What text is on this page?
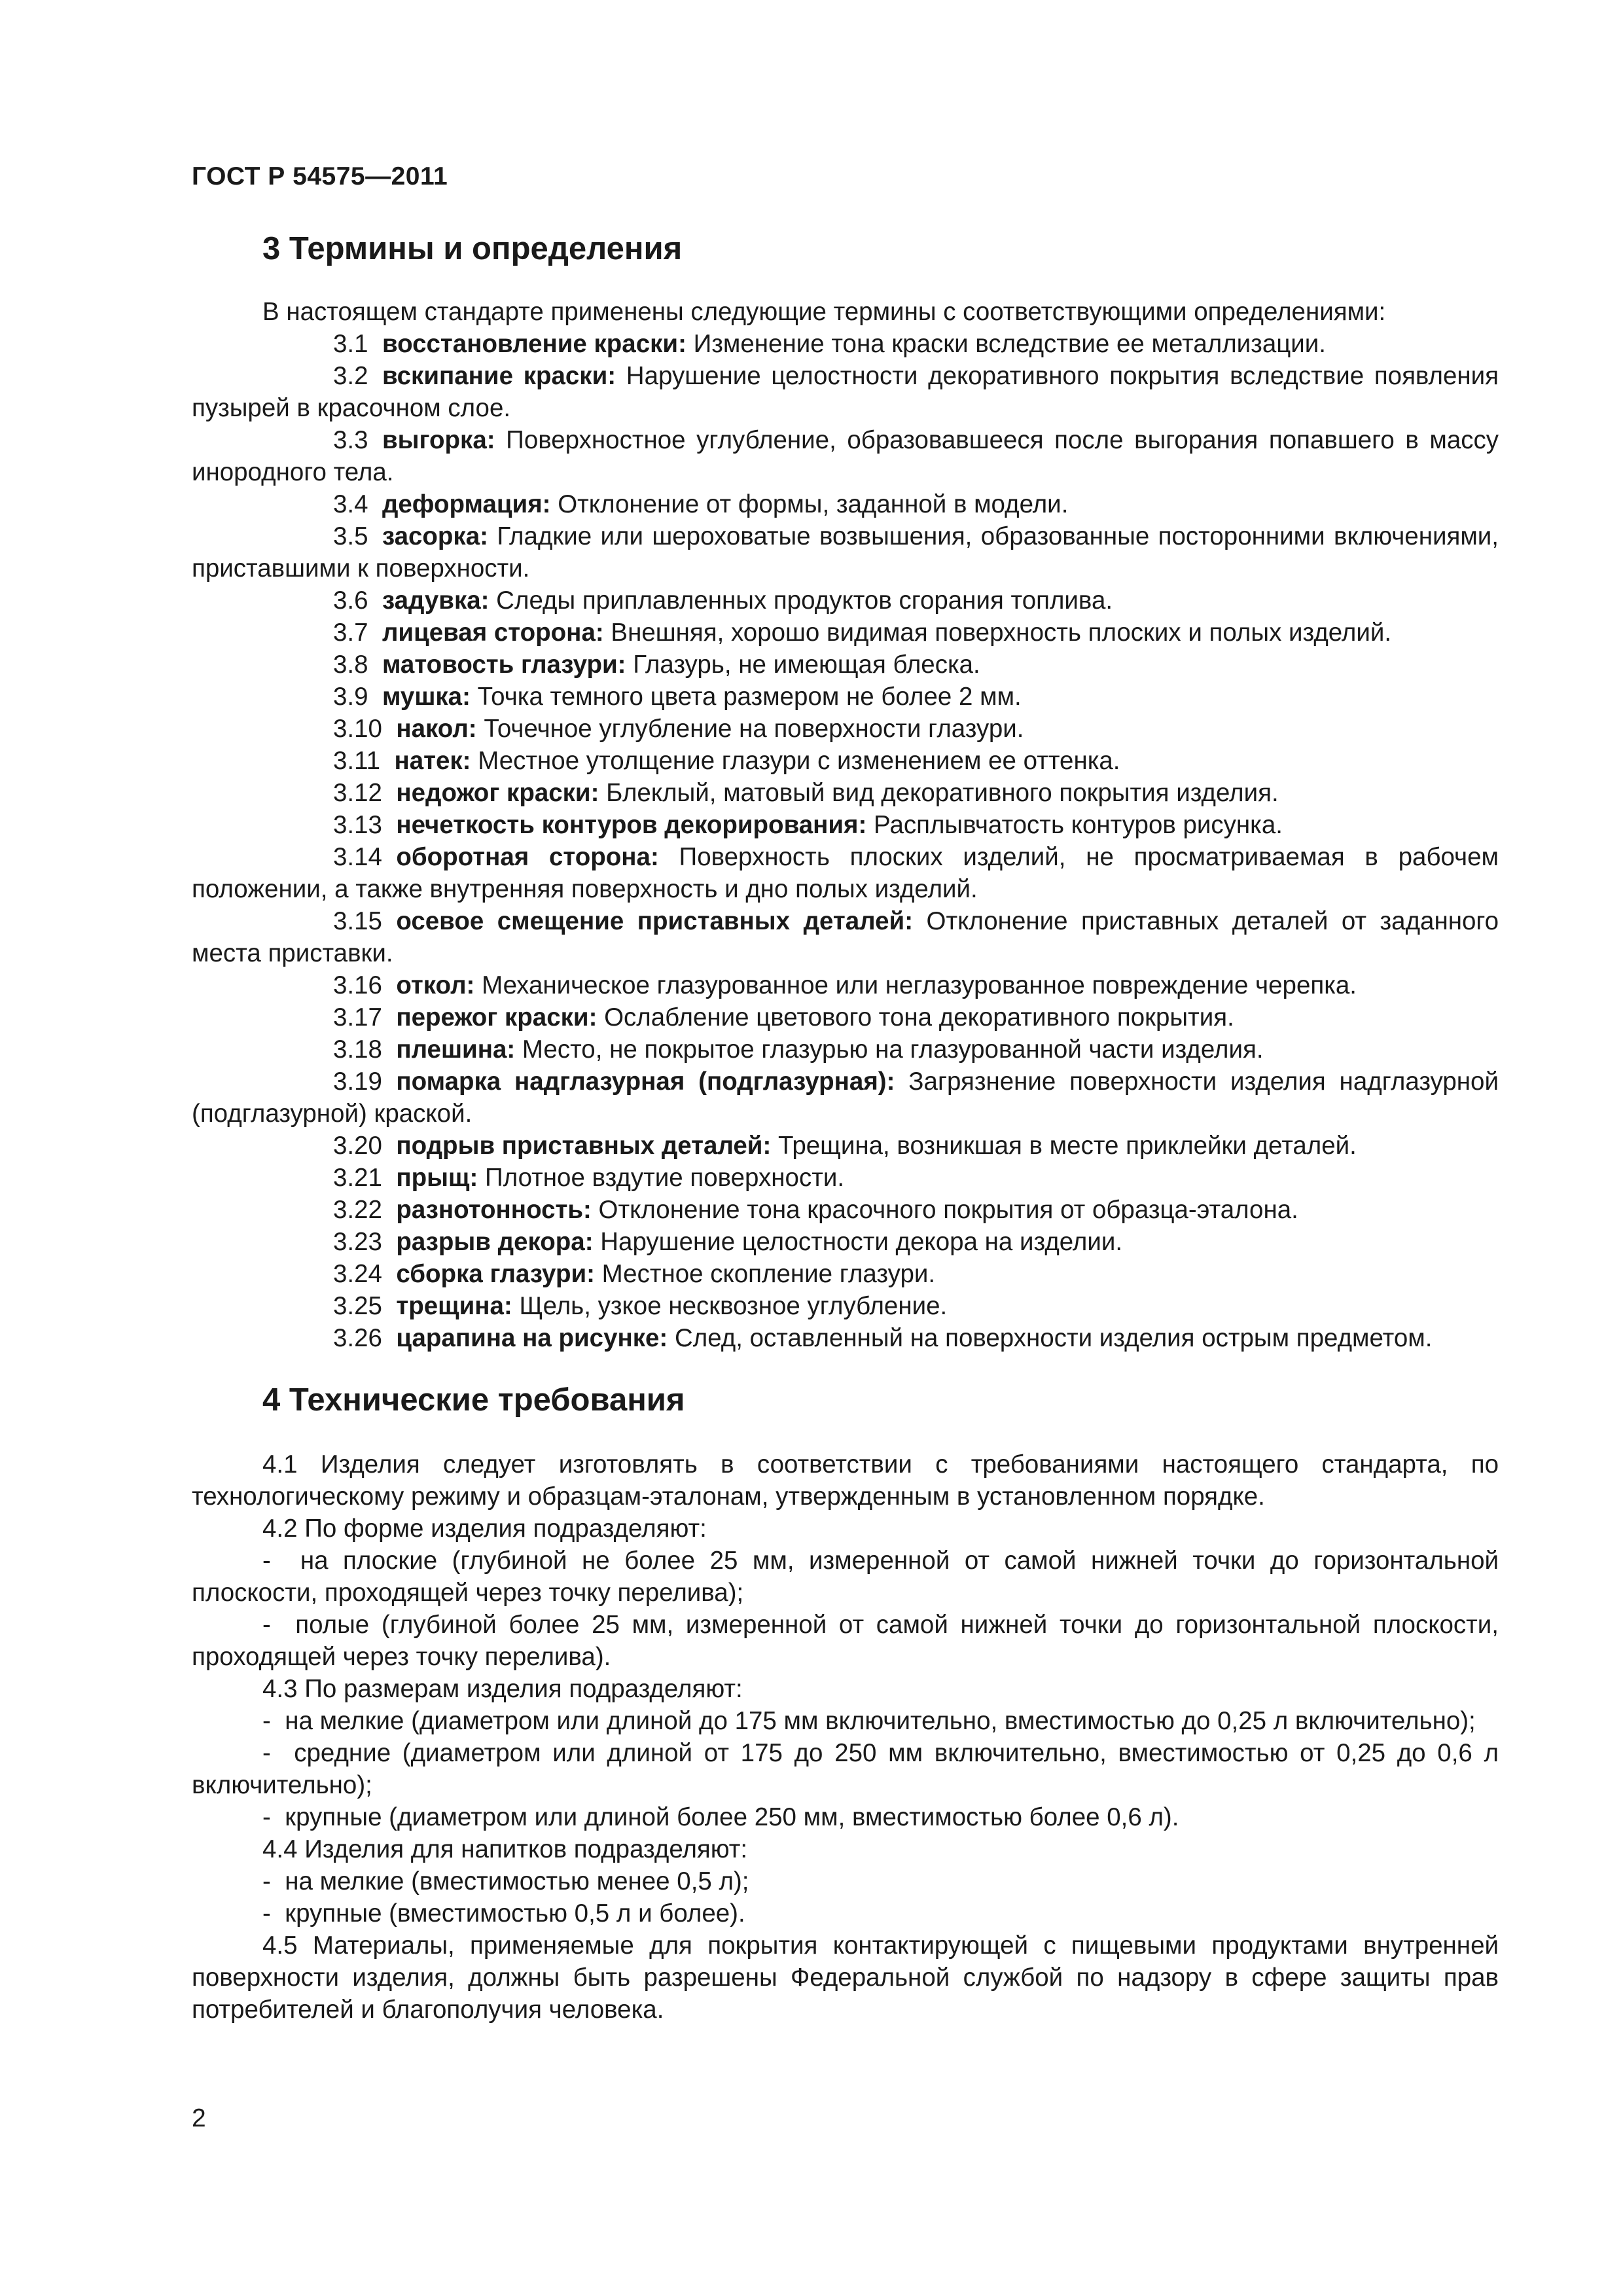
ГОСТ Р 54575—2011
3 Термины и определения

В настоящем стандарте применены следующие термины с соответствующими определениями:

3.1 восстановление краски: Изменение тона краски вследствие ее металлизации.

3.2 вскипание краски: Нарушение целостности декоративного покрытия вследствие появления пузырей в красочном слое.

3.3 выгорка: Поверхностное углубление, образовавшееся после выгорания попавшего в массу инородного тела.

3.4 деформация: Отклонение от формы, заданной в модели.

3.5 засорка: Гладкие или шероховатые возвышения, образованные посторонними включениями, приставшими к поверхности.

3.6 задувка: Следы приплавленных продуктов сгорания топлива.

3.7 лицевая сторона: Внешняя, хорошо видимая поверхность плоских и полых изделий.

3.8 матовость глазури: Глазурь, не имеющая блеска.

3.9 мушка: Точка темного цвета размером не более 2 мм.

3.10 накол: Точечное углубление на поверхности глазури.

3.11 натек: Местное утолщение глазури с изменением ее оттенка.

3.12 недожог краски: Блеклый, матовый вид декоративного покрытия изделия.

3.13 нечеткость контуров декорирования: Расплывчатость контуров рисунка.

3.14 оборотная сторона: Поверхность плоских изделий, не просматриваемая в рабочем положении, а также внутренняя поверхность и дно полых изделий.

3.15 осевое смещение приставных деталей: Отклонение приставных деталей от заданного места приставки.

3.16 откол: Механическое глазурованное или неглазурованное повреждение черепка.

3.17 пережог краски: Ослабление цветового тона декоративного покрытия.

3.18 плешина: Место, не покрытое глазурью на глазурованной части изделия.

3.19 помарка надглазурная (подглазурная): Загрязнение поверхности изделия надглазурной (подглазурной) краской.

3.20 подрыв приставных деталей: Трещина, возникшая в месте приклейки деталей.

3.21 прыщ: Плотное вздутие поверхности.

3.22 разнотонность: Отклонение тона красочного покрытия от образца-эталона.

3.23 разрыв декора: Нарушение целостности декора на изделии.

3.24 сборка глазури: Местное скопление глазури.

3.25 трещина: Щель, узкое несквозное углубление.

3.26 царапина на рисунке: След, оставленный на поверхности изделия острым предметом.

4 Технические требования

4.1 Изделия следует изготовлять в соответствии с требованиями настоящего стандарта, по технологическому режиму и образцам-эталонам, утвержденным в установленном порядке.

4.2 По форме изделия подразделяют:

-  на плоские (глубиной не более 25 мм, измеренной от самой нижней точки до горизонтальной плоскости, проходящей через точку перелива);

-  полые (глубиной более 25 мм, измеренной от самой нижней точки до горизонтальной плоскости, проходящей через точку перелива).

4.3 По размерам изделия подразделяют:

-  на мелкие (диаметром или длиной до 175 мм включительно, вместимостью до 0,25 л включительно);

-  средние (диаметром или длиной от 175 до 250 мм включительно, вместимостью от 0,25 до 0,6 л включительно);

-  крупные (диаметром или длиной более 250 мм, вместимостью более 0,6 л).

4.4 Изделия для напитков подразделяют:

-  на мелкие (вместимостью менее 0,5 л);

-  крупные (вместимостью 0,5 л и более).

4.5 Материалы, применяемые для покрытия контактирующей с пищевыми продуктами внутренней поверхности изделия, должны быть разрешены Федеральной службой по надзору в сфере защиты прав потребителей и благополучия человека.

2
